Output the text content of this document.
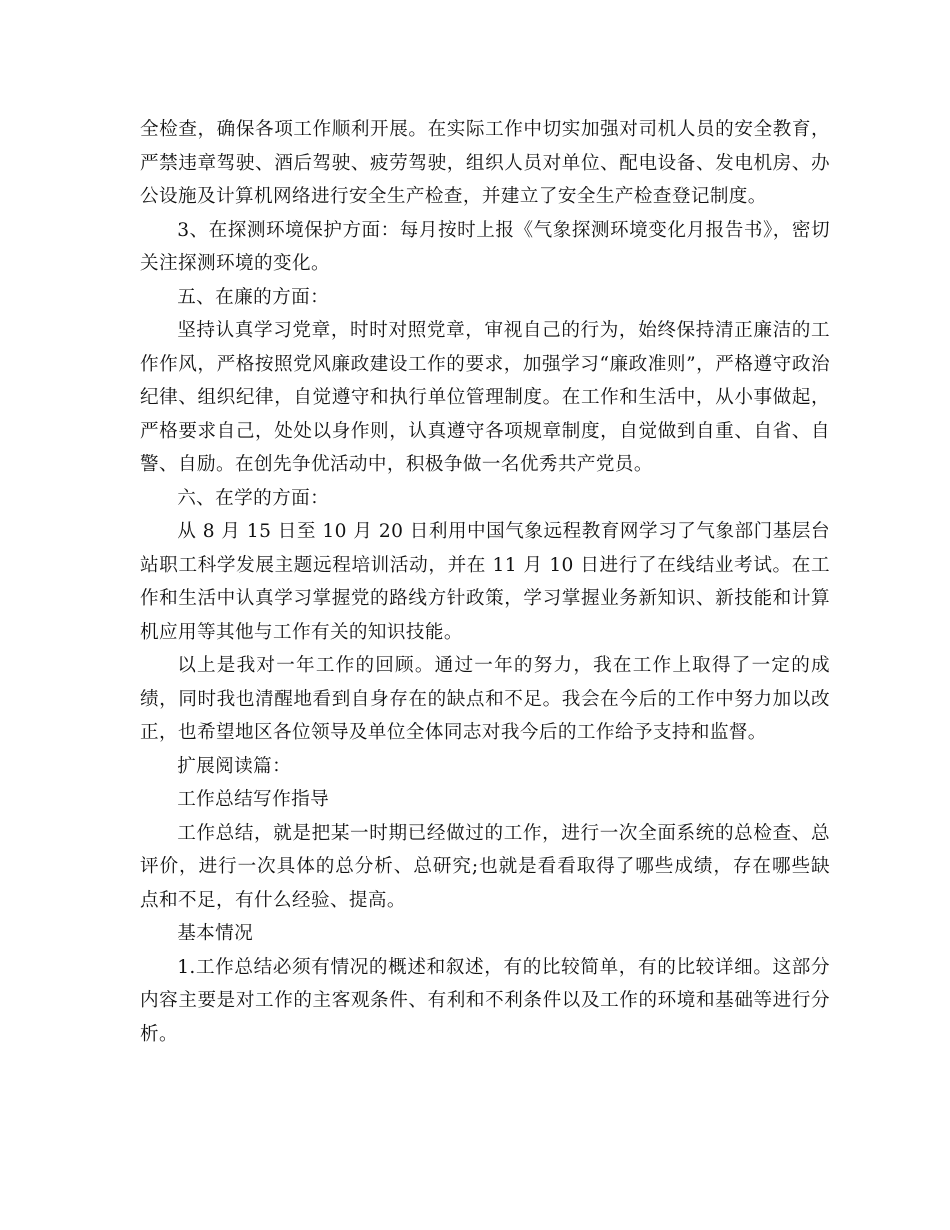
全检查，确保各项工作顺利开展。在实际工作中切实加强对司机人员的安全教育，严禁违章驾驶、酒后驾驶、疲劳驾驶，组织人员对单位、配电设备、发电机房、办公设施及计算机网络进行安全生产检查，并建立了安全生产检查登记制度。

3、在探测环境保护方面：每月按时上报《气象探测环境变化月报告书》，密切关注探测环境的变化。

五、在廉的方面：

坚持认真学习党章，时时对照党章，审视自己的行为，始终保持清正廉洁的工作作风，严格按照党风廉政建设工作的要求，加强学习“廉政准则”，严格遵守政治纪律、组织纪律，自觉遵守和执行单位管理制度。在工作和生活中，从小事做起，严格要求自己，处处以身作则，认真遵守各项规章制度，自觉做到自重、自省、自警、自励。在创先争优活动中，积极争做一名优秀共产党员。

六、在学的方面：

从 8 月 15 日至 10 月 20 日利用中国气象远程教育网学习了气象部门基层台站职工科学发展主题远程培训活动，并在 11 月 10 日进行了在线结业考试。在工作和生活中认真学习掌握党的路线方针政策，学习掌握业务新知识、新技能和计算机应用等其他与工作有关的知识技能。

以上是我对一年工作的回顾。通过一年的努力，我在工作上取得了一定的成绩，同时我也清醒地看到自身存在的缺点和不足。我会在今后的工作中努力加以改正，也希望地区各位领导及单位全体同志对我今后的工作给予支持和监督。

扩展阅读篇：

工作总结写作指导

工作总结，就是把某一时期已经做过的工作，进行一次全面系统的总检查、总评价，进行一次具体的总分析、总研究;也就是看看取得了哪些成绩，存在哪些缺点和不足，有什么经验、提高。

基本情况

1.工作总结必须有情况的概述和叙述，有的比较简单，有的比较详细。这部分内容主要是对工作的主客观条件、有利和不利条件以及工作的环境和基础等进行分析。
